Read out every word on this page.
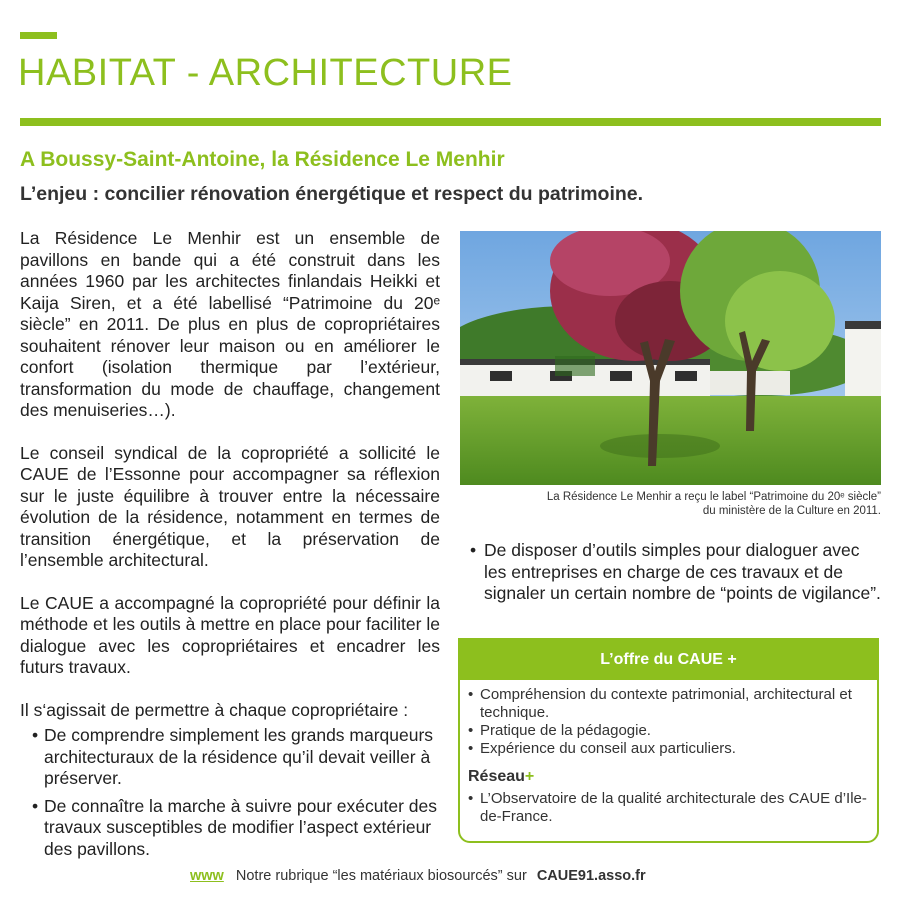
HABITAT - ARCHITECTURE
A Boussy-Saint-Antoine, la Résidence Le Menhir
L’enjeu : concilier rénovation énergétique et respect du patrimoine.

La Résidence Le Menhir est un ensemble de pavillons en bande qui a été construit dans les années 1960 par les architectes finlandais Heikki et Kaija Siren, et a été labellisé “Patrimoine du 20ᵉ siècle” en 2011. De plus en plus de copropriétaires souhaitent rénover leur maison ou en améliorer le confort (isolation thermique par l’extérieur, transformation du mode de chauffage, changement des menuiseries…).

Le conseil syndical de la copropriété a sollicité le CAUE de l’Essonne pour accompagner sa réflexion sur le juste équilibre à trouver entre la nécessaire évolution de la résidence, notamment en termes de transition énergétique, et la préservation de l’ensemble architectural.

Le CAUE a accompagné la copropriété pour définir la méthode et les outils à mettre en place pour faciliter le dialogue avec les copropriétaires et encadrer les futurs travaux.

Il s‘agissait de permettre à chaque copropriétaire :

• De comprendre simplement les grands marqueurs architecturaux de la résidence qu’il devait veiller à préserver.
• De connaître la marche à suivre pour exécuter des travaux susceptibles de modifier l’aspect extérieur des pavillons.
La Résidence Le Menhir a reçu le label “Patrimoine du 20ᵉ siècle”
du ministère de la Culture en 2011.
• De disposer d’outils simples pour dialoguer avec les entreprises en charge de ces travaux et de signaler un certain nombre de “points de vigilance”.
L’offre du CAUE +
• Compréhension du contexte patrimonial, architectural et technique.
• Pratique de la pédagogie.
• Expérience du conseil aux particuliers.
Réseau+
• L’Observatoire de la qualité architecturale des CAUE d’Ile-de-France.
www Notre rubrique “les matériaux biosourcés” sur CAUE91.asso.fr
